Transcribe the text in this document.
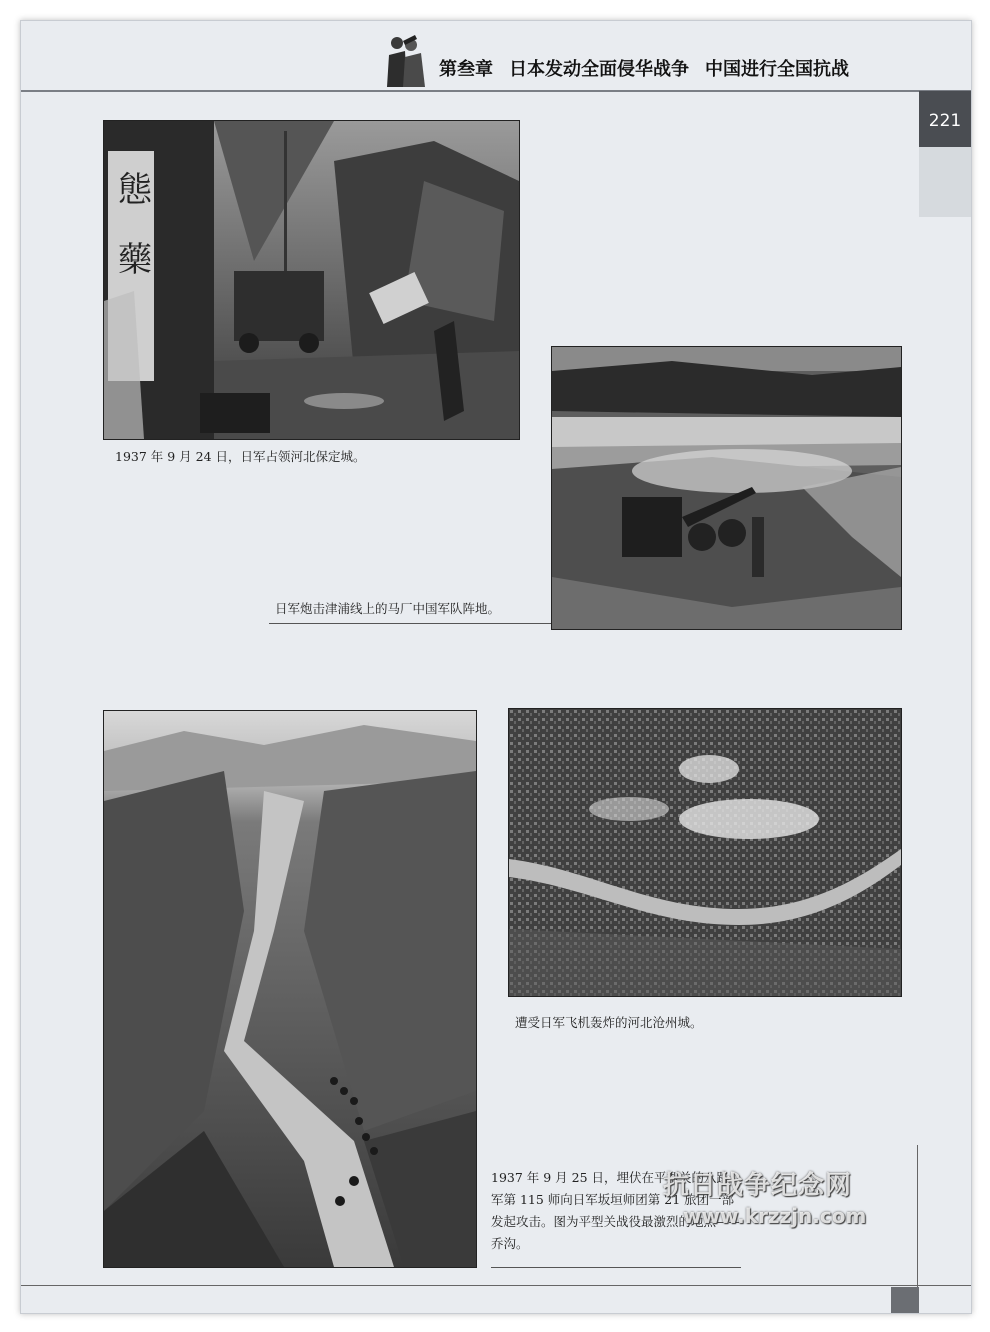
第叁章 日本发动全面侵华战争 中国进行全国抗战
221
態
藥
1937 年 9 月 24 日，日军占领河北保定城。
日军炮击津浦线上的马厂中国军队阵地。
遭受日军飞机轰炸的河北沧州城。
1937 年 9 月 25 日，埋伏在平型关的八路军第 115 师向日军坂垣师团第 21 旅团一部发起攻击。图为平型关战役最激烈的地点——乔沟。
抗日战争纪念网
www.krzzjn.com
